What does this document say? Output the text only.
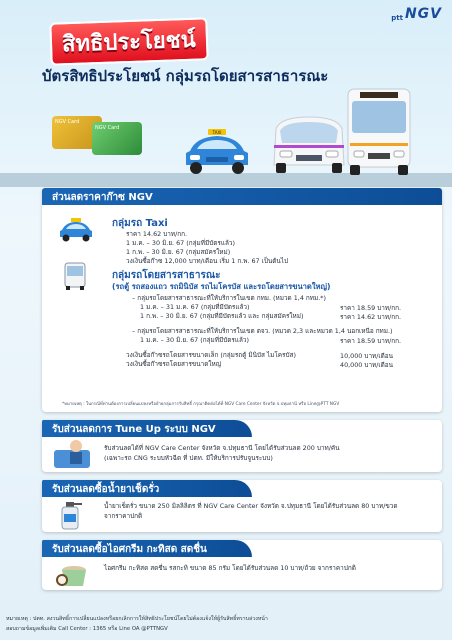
ptt NGV
สิทธิประโยชน์
บัตรสิทธิประโยชน์ กลุ่มรถโดยสารสาธารณะ
NGV Card
NGV Card
TAXI
ส่วนลดราคาก๊าซ NGV
กลุ่มรถ Taxi
ราคา 14.62 บาท/กก.
1 ม.ค. – 30 มิ.ย. 67 (กลุ่มที่มีบัตรแล้ว)
1 ก.พ. – 30 มิ.ย. 67 (กลุ่มสมัครใหม่)
วงเงินซื้อก๊าซ 12,000 บาท/เดือน เริ่ม 1 ก.พ. 67 เป็นต้นไป
กลุ่มรถโดยสารสาธารณะ
(รถตู้ รถสองแถว รถมินิบัส รถไมโครบัส และรถโดยสารขนาดใหญ่)
– กลุ่มรถโดยสารสาธารณะที่ให้บริการในเขต กทม. (หมวด 1,4 กทม.*)
1 ม.ค. – 31 ม.ค. 67 (กลุ่มที่มีบัตรแล้ว)	ราคา 18.59 บาท/กก.
1 ก.พ. – 30 มิ.ย. 67 (กลุ่มที่มีบัตรแล้ว และ กลุ่มสมัครใหม่)	ราคา 14.62 บาท/กก.
– กลุ่มรถโดยสารสาธารณะที่ให้บริการในเขต ตจว. (หมวด 2,3 และหมวด 1,4 นอกเหนือ กทม.)
1 ม.ค. – 30 มิ.ย. 67 (กลุ่มที่มีบัตรแล้ว)	ราคา 18.59 บาท/กก.
วงเงินซื้อก๊าซรถโดยสารขนาดเล็ก (กลุ่มรถตู้ มินิบัส ไมโครบัส)	10,000 บาท/เดือน
วงเงินซื้อก๊าซรถโดยสารขนาดใหญ่	40,000 บาท/เดือน
*หมายเหตุ : ในกรณีที่ท่านต้องการเปลี่ยนแปลงหรือย้ายกลุ่มการรับสิทธิ์ กรุณาติดต่อได้ที่ NGV Care Center จังหวัด จ.ปทุมธานี หรือ Line@PTT NGV
รับส่วนลดการ Tune Up ระบบ NGV
รับส่วนลดได้ที่ NGV Care Center จังหวัด จ.ปทุมธานี โดยได้รับส่วนลด 200 บาท/คัน
(เฉพาะรถ CNG ระบบหัวฉีด ที่ ปตท. มีให้บริการปรับจูนระบบ)
รับส่วนลดซื้อน้ำยาเช็ดรั่ว
น้ำยาเช็ดรั่ว ขนาด 250 มิลลิลิตร ที่ NGV Care Center จังหวัด จ.ปทุมธานี โดยได้รับส่วนลด 80 บาท/ขวด
จากราคาปกติ
รับส่วนลดซื้อไอศกรีม กะทิสด สดชื่น
ไอศกรีม กะทิสด สดชื่น รสกะทิ ขนาด 85 กรัม โดยได้รับส่วนลด 10 บาท/ถ้วย จากราคาปกติ
หมายเหตุ : ปตท. สงวนสิทธิ์การเปลี่ยนแปลงหรือยกเลิกการให้สิทธิประโยชน์โดยไม่ต้องแจ้งให้ผู้รับสิทธิ์ทราบล่วงหน้า
สอบถามข้อมูลเพิ่มเติม Call Center : 1365 หรือ Line OA @PTTNGV
